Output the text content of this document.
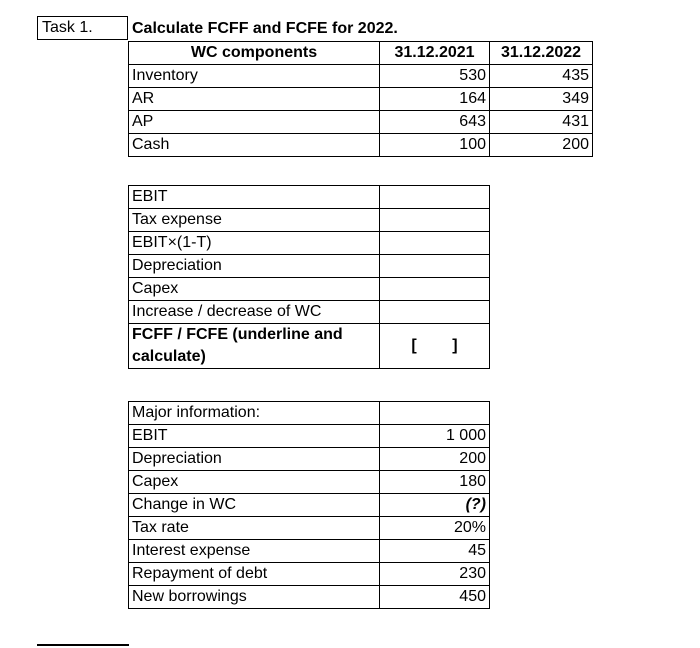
Task 1.	Calculate FCFF and FCFE for 2022.
WC components	31.12.2021	31.12.2022
Inventory	530	435
AR	164	349
AP	643	431
Cash	100	200
EBIT	
Tax expense	
EBIT×(1-T)	
Depreciation	
Capex	
Increase / decrease of WC	
FCFF / FCFE (underline and calculate)	[        ]
Major information:	
EBIT	1 000
Depreciation	200
Capex	180
Change in WC	(?)
Tax rate	20%
Interest expense	45
Repayment of debt	230
New borrowings	450
